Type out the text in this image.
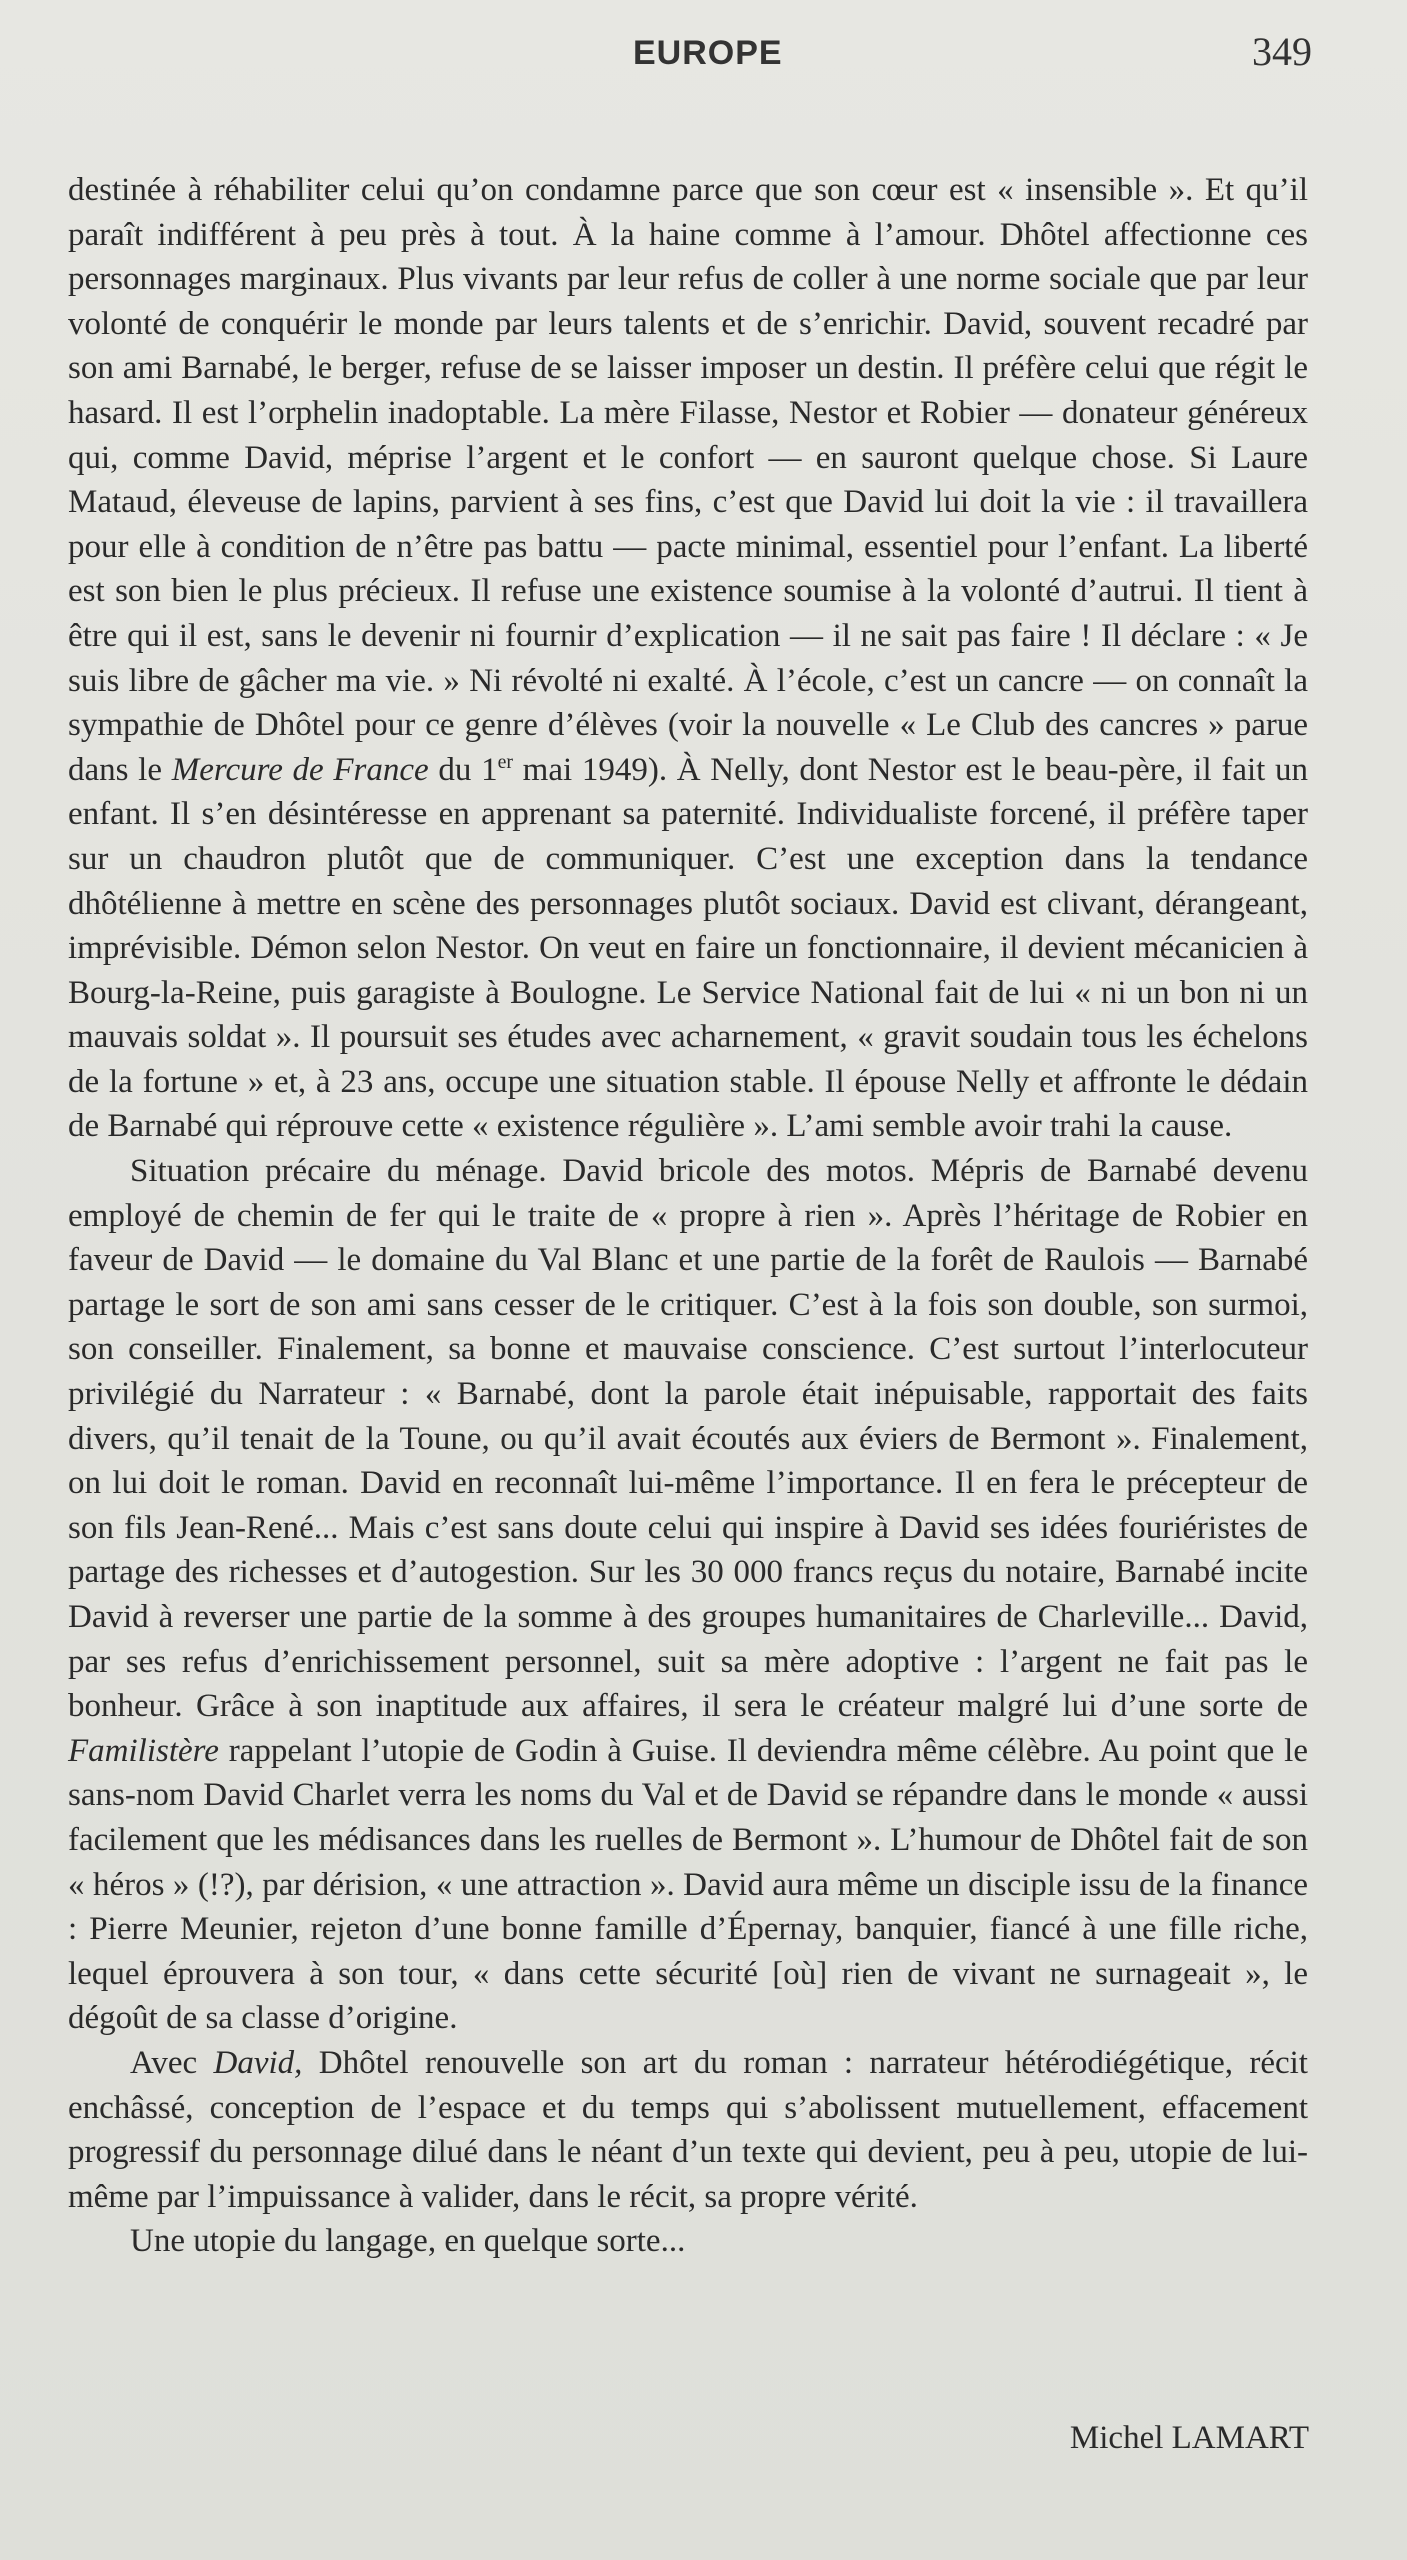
EUROPE	349

destinée à réhabiliter celui qu’on condamne parce que son cœur est « insensible ». Et qu’il paraît indifférent à peu près à tout. À la haine comme à l’amour. Dhôtel affectionne ces personnages marginaux. Plus vivants par leur refus de coller à une norme sociale que par leur volonté de conquérir le monde par leurs talents et de s’enrichir. David, souvent recadré par son ami Barnabé, le berger, refuse de se laisser imposer un destin. Il préfère celui que régit le hasard. Il est l’orphelin inadoptable. La mère Filasse, Nestor et Robier — donateur généreux qui, comme David, méprise l’argent et le confort — en sauront quelque chose. Si Laure Mataud, éleveuse de lapins, parvient à ses fins, c’est que David lui doit la vie : il travaillera pour elle à condition de n’être pas battu — pacte minimal, essentiel pour l’enfant. La liberté est son bien le plus précieux. Il refuse une existence soumise à la volonté d’autrui. Il tient à être qui il est, sans le devenir ni fournir d’explication — il ne sait pas faire ! Il déclare : « Je suis libre de gâcher ma vie. » Ni révolté ni exalté. À l’école, c’est un cancre — on connaît la sympathie de Dhôtel pour ce genre d’élèves (voir la nouvelle « Le Club des cancres » parue dans le Mercure de France du 1er mai 1949). À Nelly, dont Nestor est le beau-père, il fait un enfant. Il s’en désintéresse en apprenant sa paternité. Individualiste forcené, il préfère taper sur un chaudron plutôt que de communiquer. C’est une exception dans la tendance dhôtélienne à mettre en scène des personnages plutôt sociaux. David est clivant, dérangeant, imprévisible. Démon selon Nestor. On veut en faire un fonctionnaire, il devient mécanicien à Bourg-la-Reine, puis garagiste à Boulogne. Le Service National fait de lui « ni un bon ni un mauvais soldat ». Il poursuit ses études avec acharnement, « gravit soudain tous les échelons de la fortune » et, à 23 ans, occupe une situation stable. Il épouse Nelly et affronte le dédain de Barnabé qui réprouve cette « existence régulière ». L’ami semble avoir trahi la cause.

Situation précaire du ménage. David bricole des motos. Mépris de Barnabé devenu employé de chemin de fer qui le traite de « propre à rien ». Après l’héritage de Robier en faveur de David — le domaine du Val Blanc et une partie de la forêt de Raulois — Barnabé partage le sort de son ami sans cesser de le critiquer. C’est à la fois son double, son surmoi, son conseiller. Finalement, sa bonne et mauvaise conscience. C’est surtout l’interlocuteur privilégié du Narrateur : « Barnabé, dont la parole était inépuisable, rapportait des faits divers, qu’il tenait de la Toune, ou qu’il avait écoutés aux éviers de Bermont ». Finalement, on lui doit le roman. David en reconnaît lui-même l’importance. Il en fera le précepteur de son fils Jean-René... Mais c’est sans doute celui qui inspire à David ses idées fouriéristes de partage des richesses et d’autogestion. Sur les 30 000 francs reçus du notaire, Barnabé incite David à reverser une partie de la somme à des groupes humanitaires de Charleville... David, par ses refus d’enrichissement personnel, suit sa mère adoptive : l’argent ne fait pas le bonheur. Grâce à son inaptitude aux affaires, il sera le créateur malgré lui d’une sorte de Familistère rappelant l’utopie de Godin à Guise. Il deviendra même célèbre. Au point que le sans-nom David Charlet verra les noms du Val et de David se répandre dans le monde « aussi facilement que les médisances dans les ruelles de Bermont ». L’humour de Dhôtel fait de son « héros » (!?), par dérision, « une attraction ». David aura même un disciple issu de la finance : Pierre Meunier, rejeton d’une bonne famille d’Épernay, banquier, fiancé à une fille riche, lequel éprouvera à son tour, « dans cette sécurité [où] rien de vivant ne surnageait », le dégoût de sa classe d’origine.

Avec David, Dhôtel renouvelle son art du roman : narrateur hétérodiégétique, récit enchâssé, conception de l’espace et du temps qui s’abolissent mutuellement, effacement progressif du personnage dilué dans le néant d’un texte qui devient, peu à peu, utopie de lui-même par l’impuissance à valider, dans le récit, sa propre vérité.

Une utopie du langage, en quelque sorte...

Michel LAMART
